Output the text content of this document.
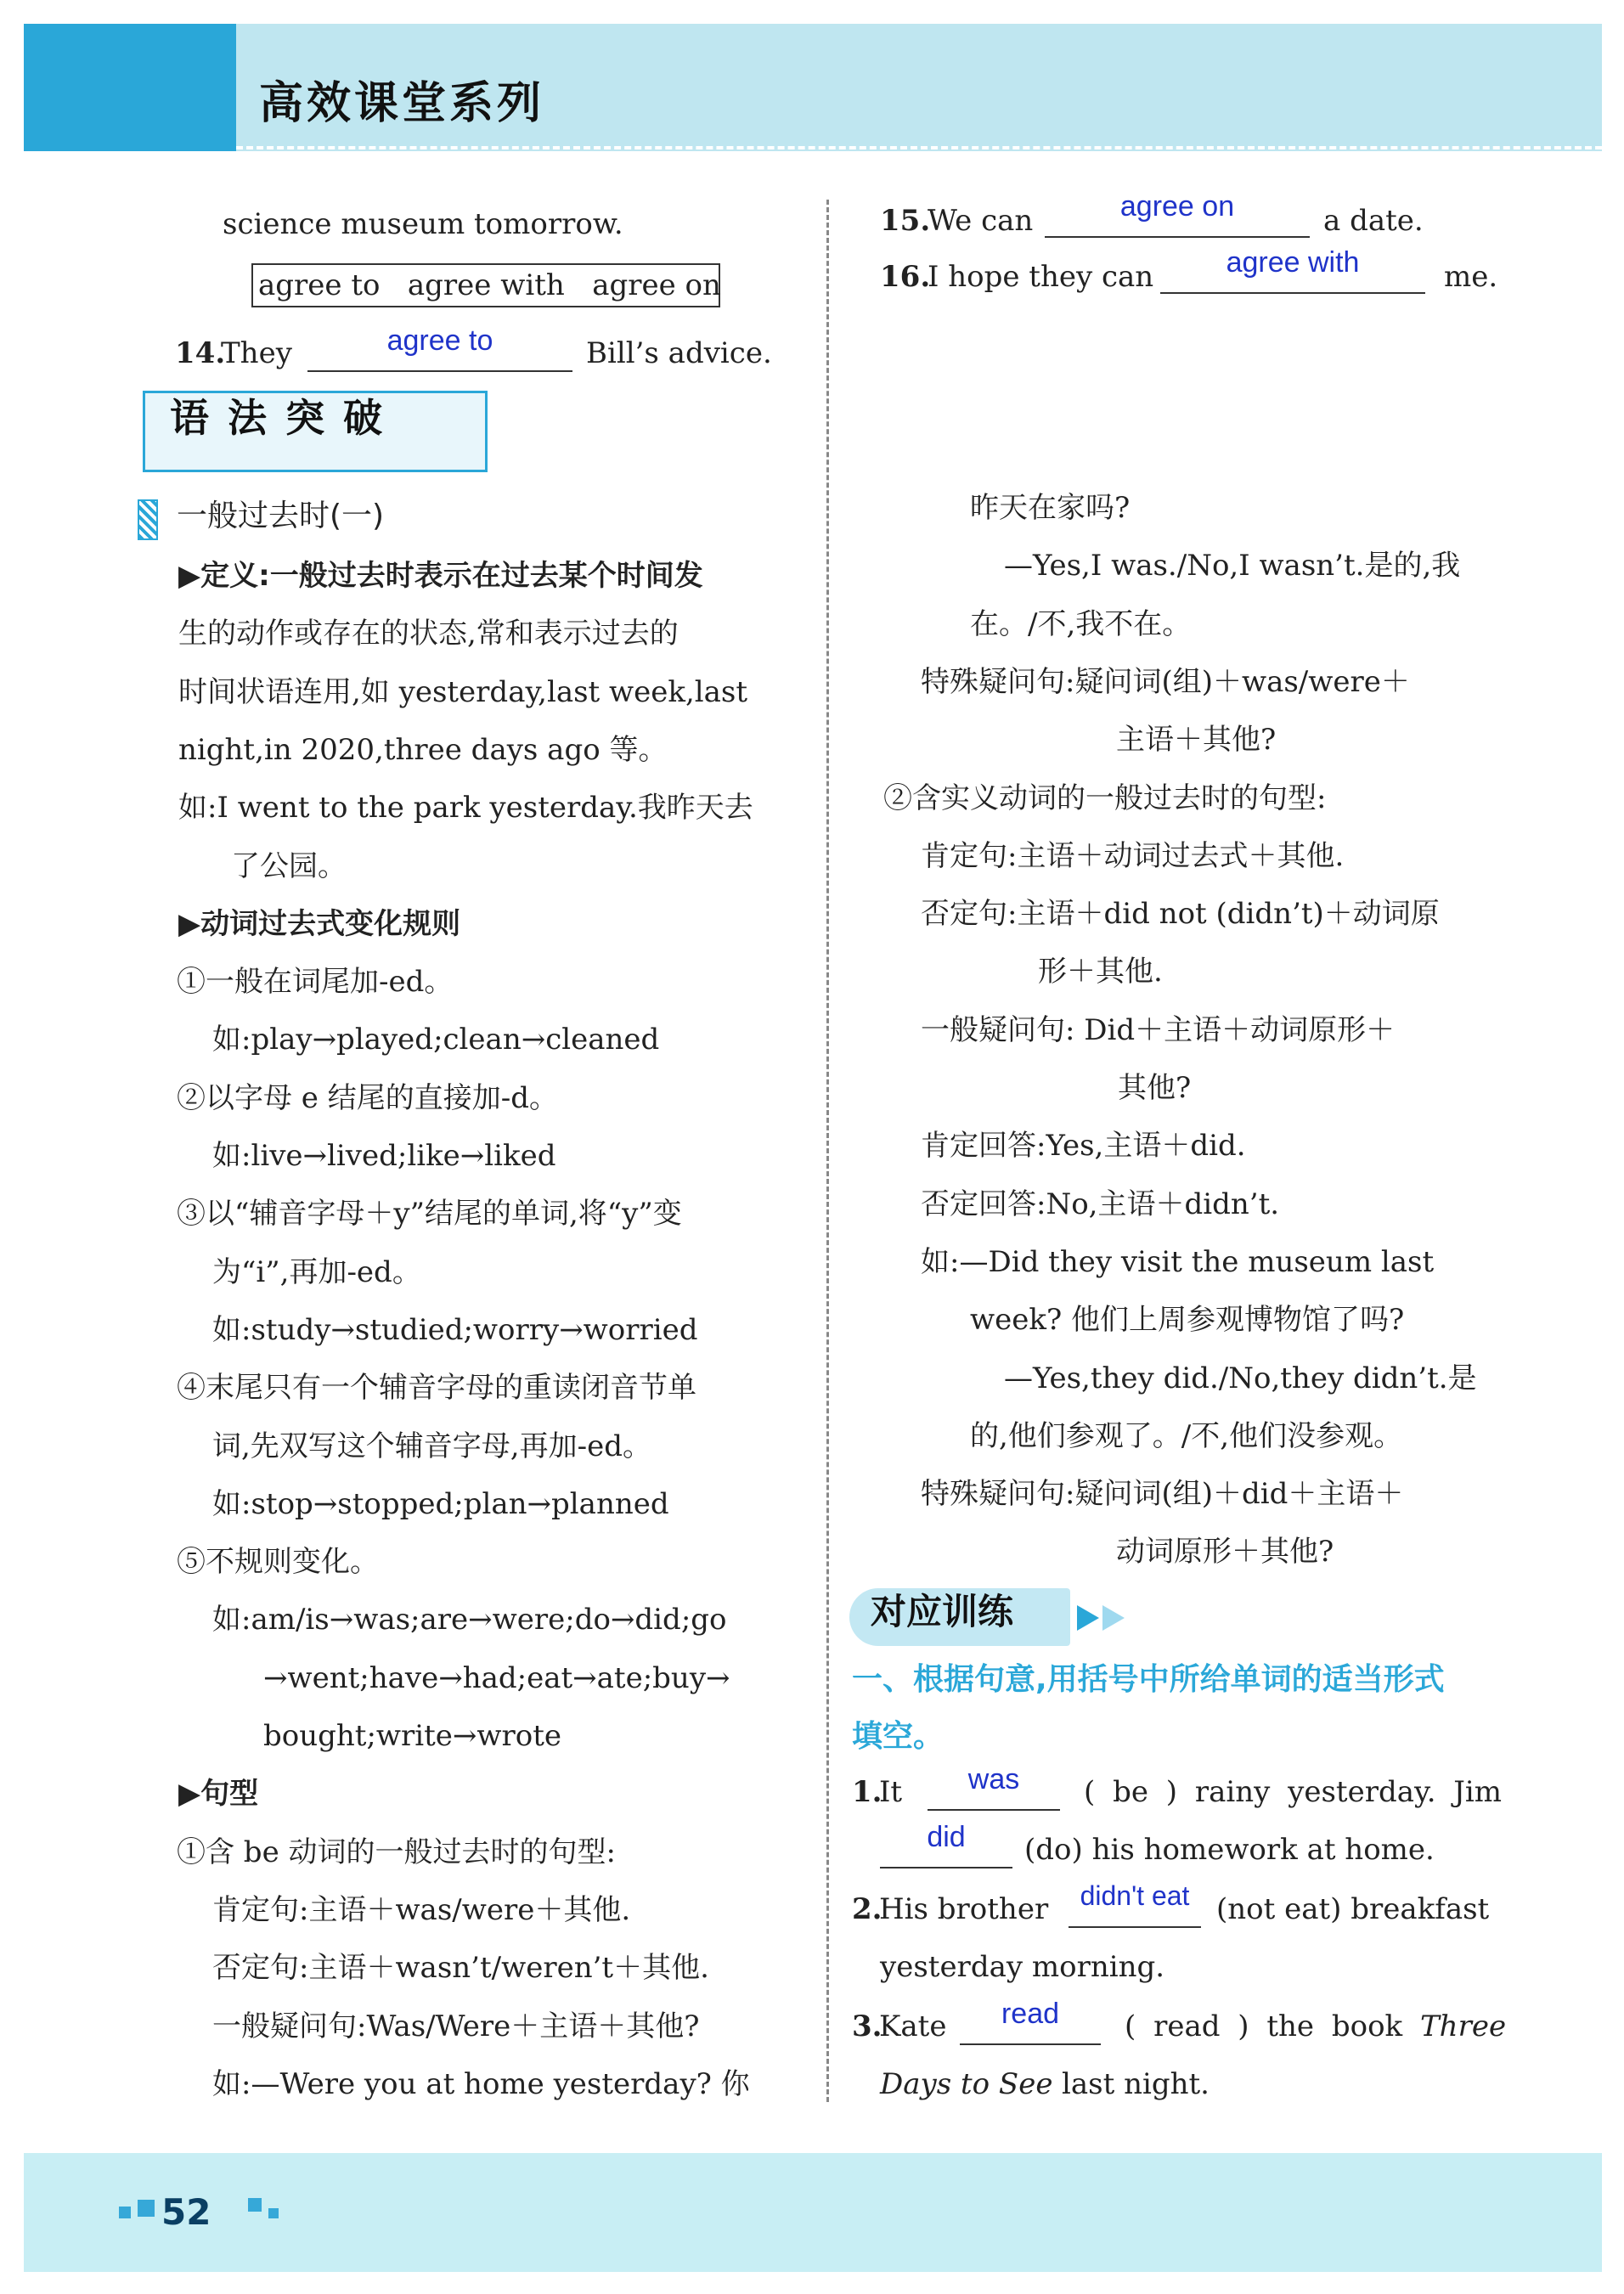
高效课堂系列
science museum tomorrow.
agree to   agree with   agree on
14.
They	agree to	Bill’s advice.
15.
We can	agree on	a date.
16.
I hope they can	agree with	me.
语法突破
一般过去时(一)
▶定义:一般过去时表示在过去某个时间发
生的动作或存在的状态,常和表示过去的
时间状语连用,如 yesterday,last week,last
night,in 2020,three days ago 等。
如:I went to the park yesterday.我昨天去
了公园。
▶动词过去式变化规则
①一般在词尾加-ed。
如:play→played;clean→cleaned
②以字母 e 结尾的直接加-d。
如:live→lived;like→liked
③以“辅音字母＋y”结尾的单词,将“y”变
为“i”,再加-ed。
如:study→studied;worry→worried
④末尾只有一个辅音字母的重读闭音节单
词,先双写这个辅音字母,再加-ed。
如:stop→stopped;plan→planned
⑤不规则变化。
如:am/is→was;are→were;do→did;go
→went;have→had;eat→ate;buy→
bought;write→wrote
▶句型
①含 be 动词的一般过去时的句型:
肯定句:主语＋was/were＋其他.
否定句:主语＋wasn’t/weren’t＋其他.
一般疑问句:Was/Were＋主语＋其他?
如:—Were you at home yesterday? 你
昨天在家吗?
—Yes,I was./No,I wasn’t.是的,我
在。/不,我不在。
特殊疑问句:疑问词(组)＋was/were＋
主语＋其他?
②含实义动词的一般过去时的句型:
肯定句:主语＋动词过去式＋其他.
否定句:主语＋did not (didn’t)＋动词原
形＋其他.
一般疑问句: Did＋主语＋动词原形＋
其他?
肯定回答:Yes,主语＋did.
否定回答:No,主语＋didn’t.
如:—Did they visit the museum last
week? 他们上周参观博物馆了吗?
—Yes,they did./No,they didn’t.是
的,他们参观了。/不,他们没参观。
特殊疑问句:疑问词(组)＋did＋主语＋
动词原形＋其他?
对应训练
一、根据句意,用括号中所给单词的适当形式
填空。
1.
It	was	( be ) rainy yesterday. Jim
did	(do) his homework at home.
2.
His brother	didn't eat (not eat) breakfast
yesterday morning.
3.
Kate	read	( read ) the book Three
Days to See last night.
52
